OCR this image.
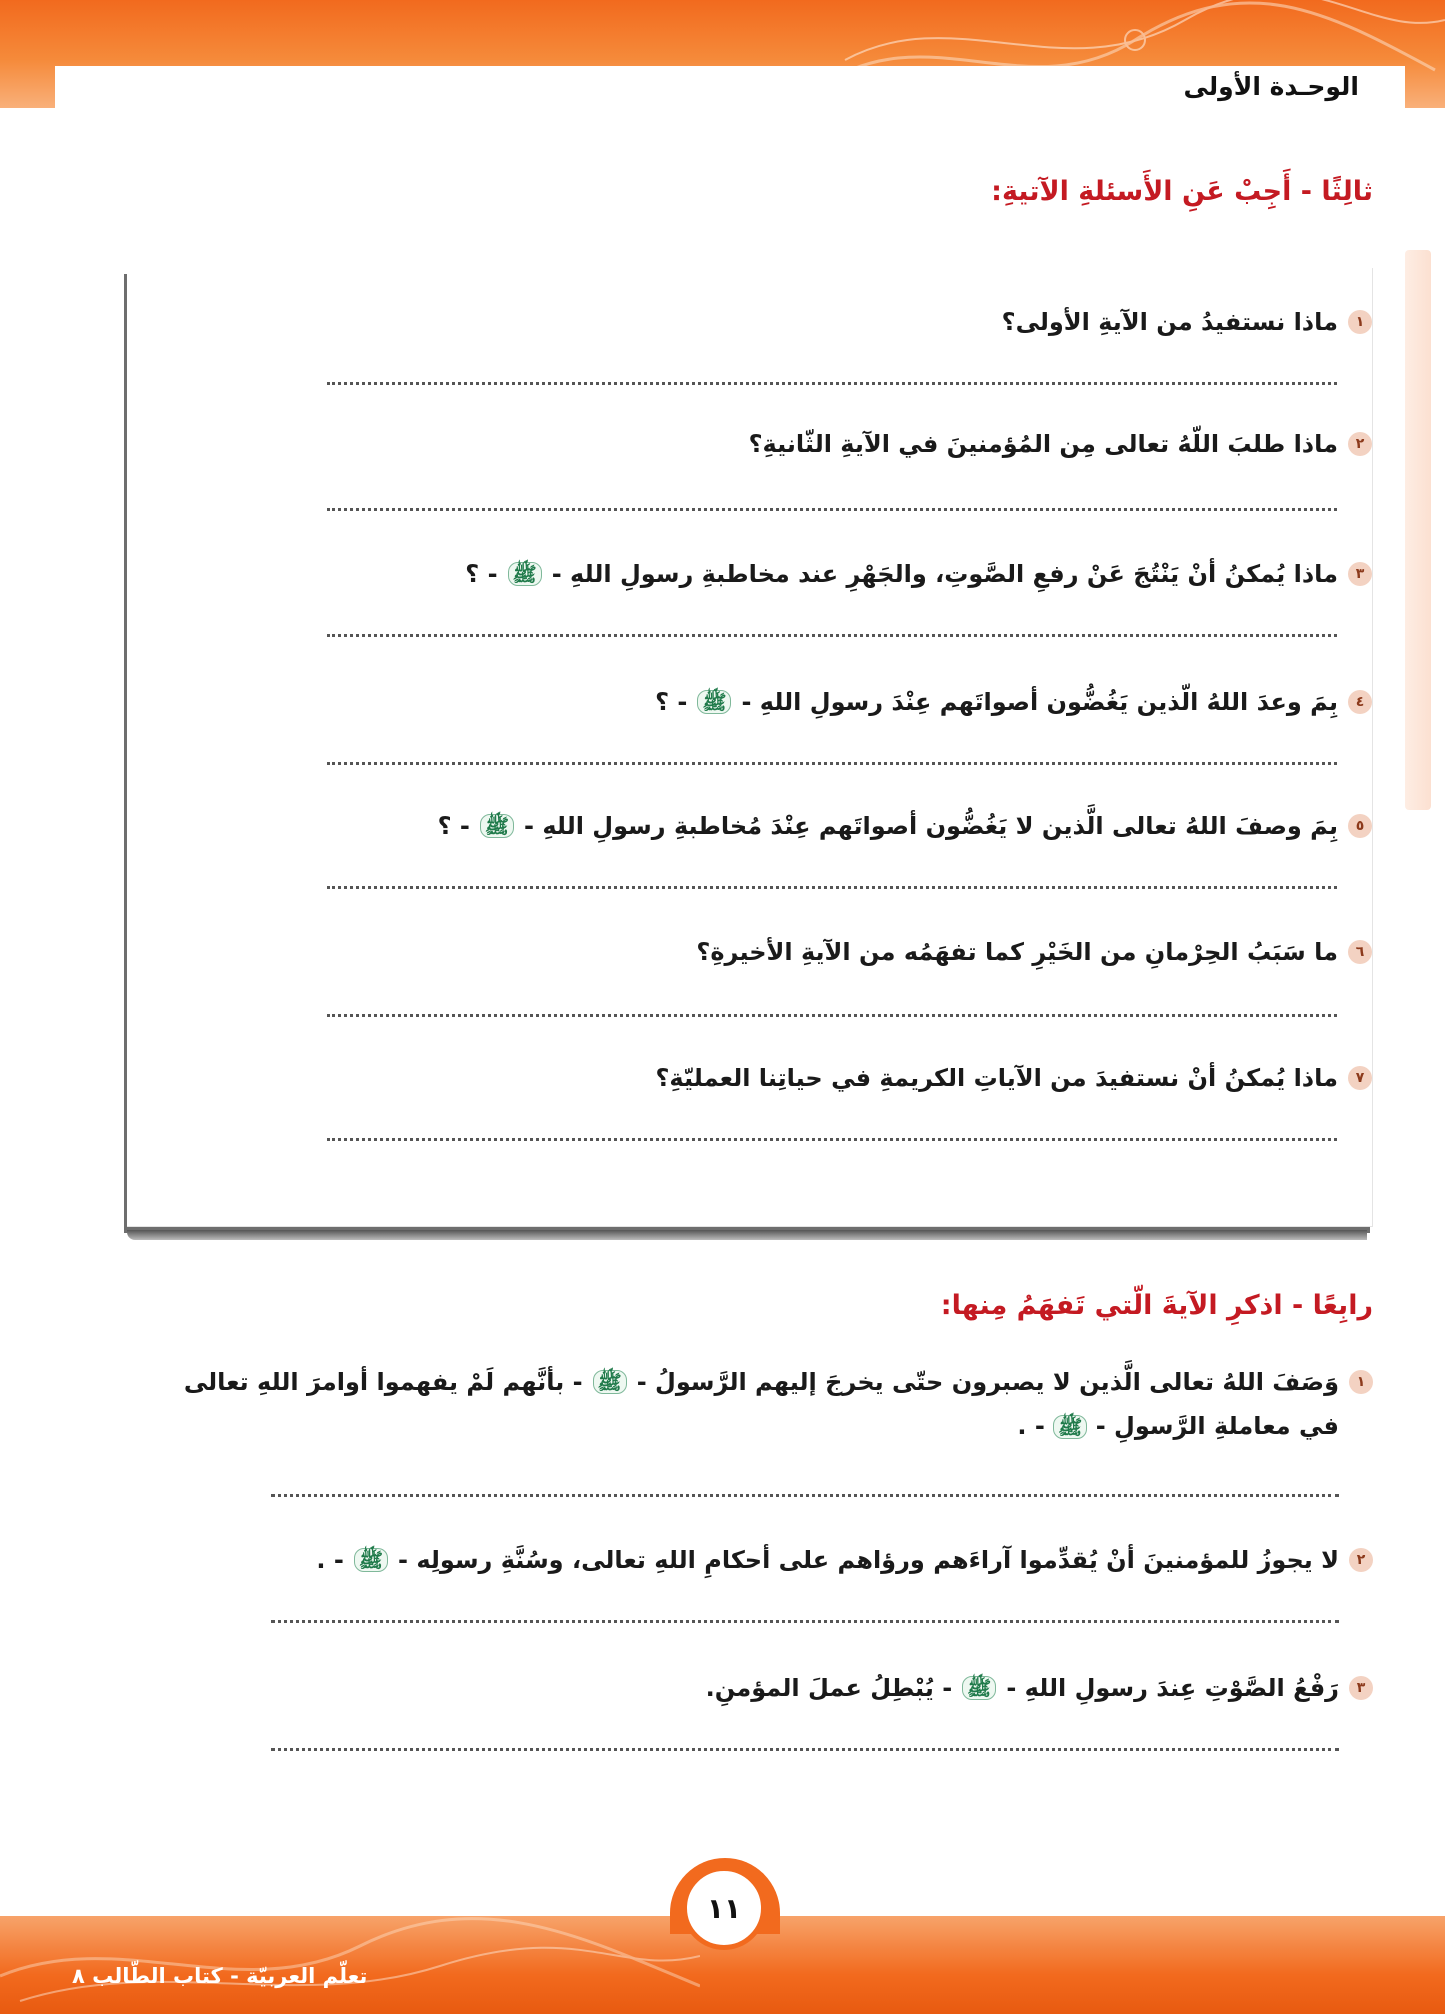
الوحـدة الأولى
ثالِثًا - أَجِبْ عَنِ الأَسئلةِ الآتيةِ:
١
ماذا نستفيدُ من الآيةِ الأولى؟
٢
ماذا طلبَ اللّهُ تعالى مِن المُؤمنينَ في الآيةِ الثّانيةِ؟
٣
ماذا يُمكنُ أنْ يَنْتُجَ عَنْ رفعِ الصَّوتِ، والجَهْرِ عند مخاطبةِ رسولِ اللهِ -
ﷺ
- ؟
٤
بِمَ وعدَ اللهُ الّذين يَغُضُّون أصواتَهم عِنْدَ رسولِ اللهِ -
ﷺ
- ؟
٥
بِمَ وصفَ اللهُ تعالى الَّذين لا يَغُضُّون أصواتَهم عِنْدَ مُخاطبةِ رسولِ اللهِ -
ﷺ
- ؟
٦
ما سَبَبُ الحِرْمانِ من الخَيْرِ كما تفهَمُه من الآيةِ الأخيرةِ؟
٧
ماذا يُمكنُ أنْ نستفيدَ من الآياتِ الكريمةِ في حياتِنا العمليّةِ؟
رابِعًا - اذكرِ الآيةَ الّتي تَفهَمُ مِنها:
١
وَصَفَ اللهُ تعالى الَّذين لا يصبرون حتّى يخرجَ إليهم الرَّسولُ -
ﷺ
- بأنَّهم لَمْ يفهموا أوامرَ اللهِ تعالى
في معاملةِ الرَّسولِ - ﷺ - .
٢
لا يجوزُ للمؤمنينَ أنْ يُقدِّموا آراءَهم ورؤاهم على أحكامِ اللهِ تعالى، وسُنَّةِ رسولِه -
ﷺ
- .
٣
رَفْعُ الصَّوْتِ عِندَ رسولِ اللهِ -
ﷺ
- يُبْطِلُ عملَ المؤمنِ.
١١
تعلّم العربيّة - كتاب الطّالب ٨
